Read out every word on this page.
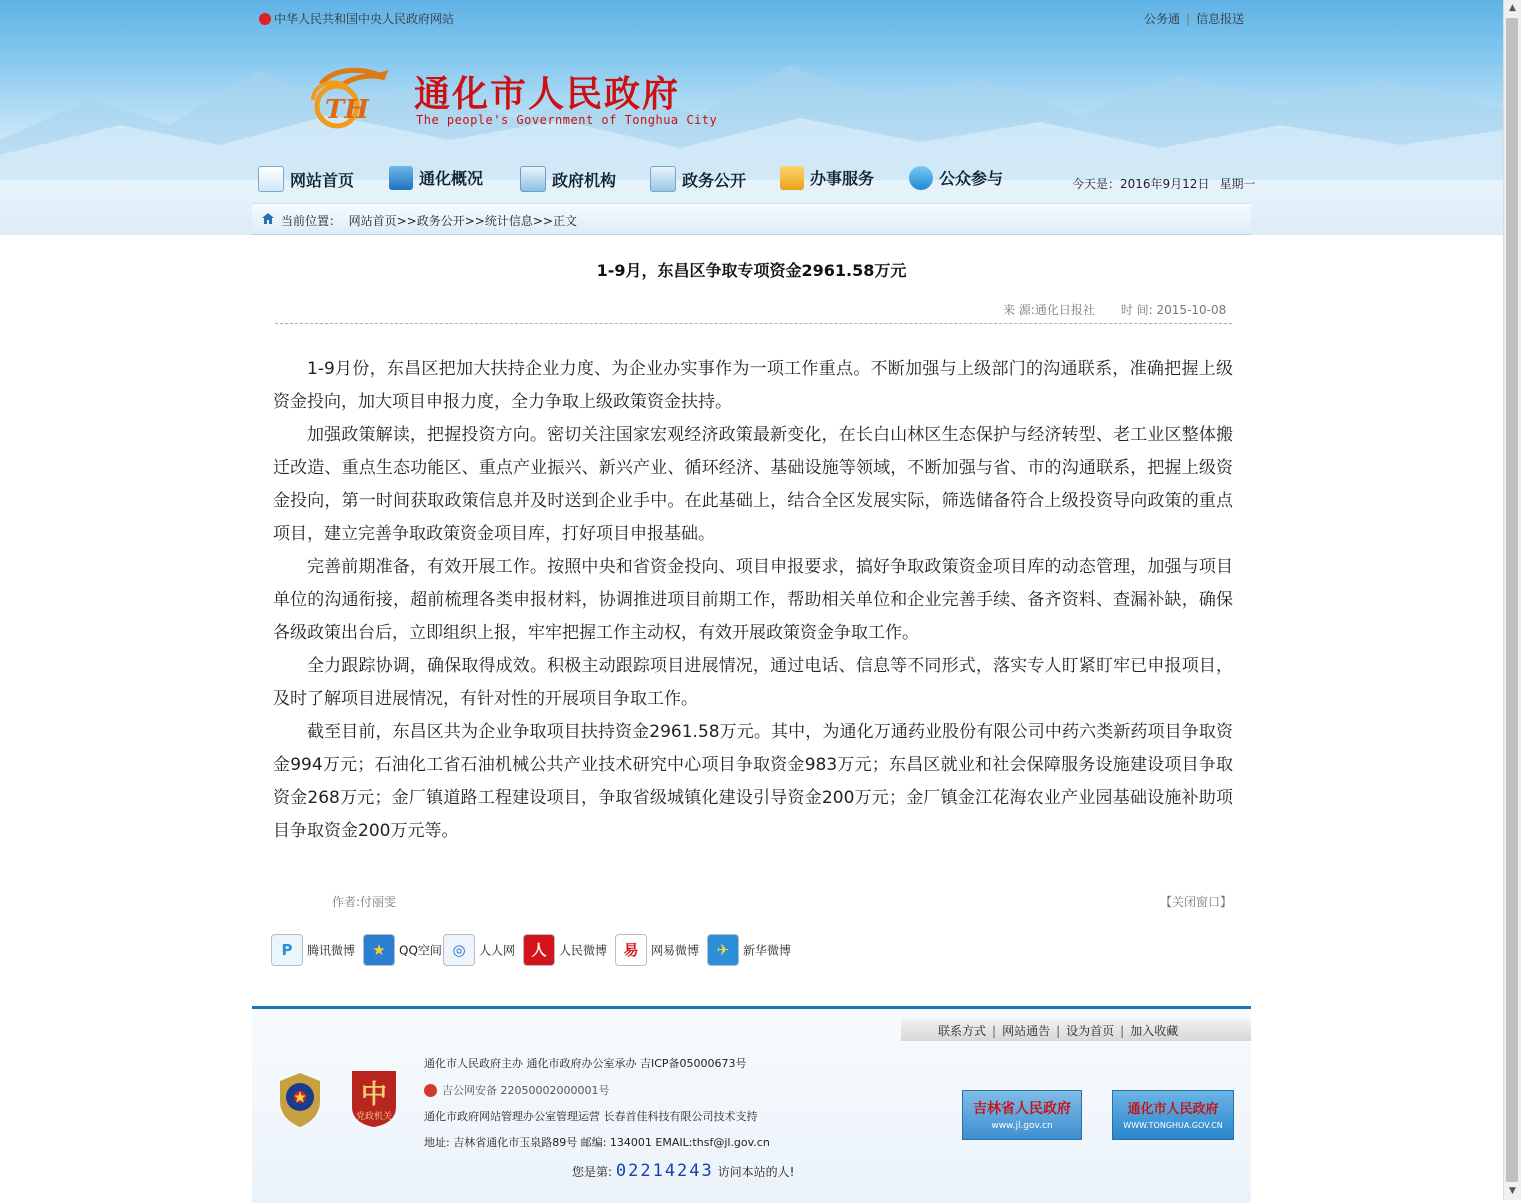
中华人民共和国中央人民政府网站	公务通 | 信息报送
TH 通化市人民政府
The people's Government of Tonghua City
网站首页	通化概况	政府机构	政务公开	办事服务	公众参与	今天是：2016年9月12日 星期一
当前位置：  网站首页>>政务公开>>统计信息>>正文
1-9月，东昌区争取专项资金2961.58万元
来 源:通化日报社 时 间: 2015-10-08

1-9月份，东昌区把加大扶持企业力度、为企业办实事作为一项工作重点。不断加强与上级部门的沟通联系，准确把握上级资金投向，加大项目申报力度，全力争取上级政策资金扶持。

加强政策解读，把握投资方向。密切关注国家宏观经济政策最新变化，在长白山林区生态保护与经济转型、老工业区整体搬迁改造、重点生态功能区、重点产业振兴、新兴产业、循环经济、基础设施等领域，不断加强与省、市的沟通联系，把握上级资金投向，第一时间获取政策信息并及时送到企业手中。在此基础上，结合全区发展实际，筛选储备符合上级投资导向政策的重点项目，建立完善争取政策资金项目库，打好项目申报基础。

完善前期准备，有效开展工作。按照中央和省资金投向、项目申报要求，搞好争取政策资金项目库的动态管理，加强与项目单位的沟通衔接，超前梳理各类申报材料，协调推进项目前期工作，帮助相关单位和企业完善手续、备齐资料、查漏补缺，确保各级政策出台后，立即组织上报，牢牢把握工作主动权，有效开展政策资金争取工作。

全力跟踪协调，确保取得成效。积极主动跟踪项目进展情况，通过电话、信息等不同形式，落实专人盯紧盯牢已申报项目，及时了解项目进展情况，有针对性的开展项目争取工作。

截至目前，东昌区共为企业争取项目扶持资金2961.58万元。其中，为通化万通药业股份有限公司中药六类新药项目争取资金994万元；石油化工省石油机械公共产业技术研究中心项目争取资金983万元；东昌区就业和社会保障服务设施建设项目争取资金268万元；金厂镇道路工程建设项目，争取省级城镇化建设引导资金200万元；金厂镇金江花海农业产业园基础设施补助项目争取资金200万元等。

作者:付丽雯	【关闭窗口】
P 腾讯微博	★ QQ空间 ◎ 人人网	人 人民微博	易 网易微博	✈ 新华微博
联系方式 | 网站通告 | 设为首页 | 加入收藏
中
党政机关
通化市人民政府主办 通化市政府办公室承办 吉ICP备05000673号
吉公网安备 22050002000001号
通化市政府网站管理办公室管理运营 长春首佳科技有限公司技术支持
地址: 吉林省通化市玉泉路89号 邮编: 134001 EMAIL:thsf@jl.gov.cn
吉林省人民政府
www.jl.gov.cn
通化市人民政府
WWW.TONGHUA.GOV.CN
您是第: 02214243 访问本站的人!
▲
▼
